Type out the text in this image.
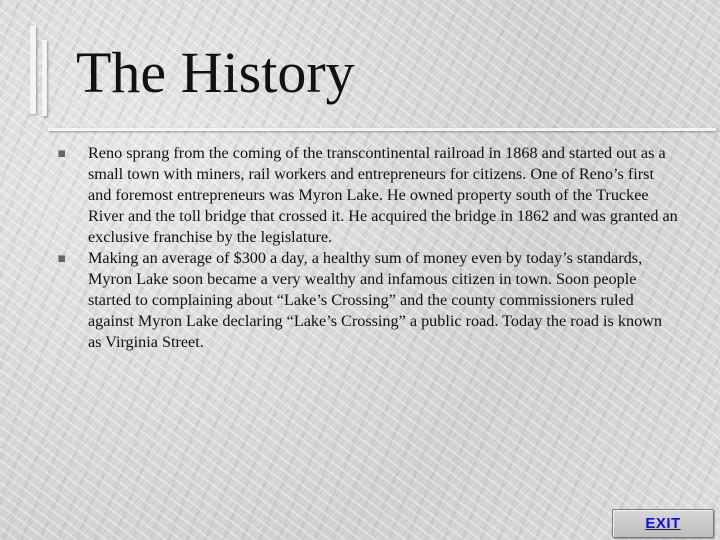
The History
Reno sprang from the coming of the transcontinental railroad in 1868 and started out as a small town with miners, rail workers and entrepreneurs for citizens. One of Reno’s first and foremost entrepreneurs was Myron Lake. He owned property south of the Truckee River and the toll bridge that crossed it. He acquired the bridge in 1862 and was granted an exclusive franchise by the legislature.
Making an average of $300 a day, a healthy sum of money even by today’s standards, Myron Lake soon became a very wealthy and infamous citizen in town. Soon people started to complaining about “Lake’s Crossing” and the county commissioners ruled against Myron Lake declaring “Lake’s Crossing” a public road. Today the road is known as Virginia Street.
EXIT
